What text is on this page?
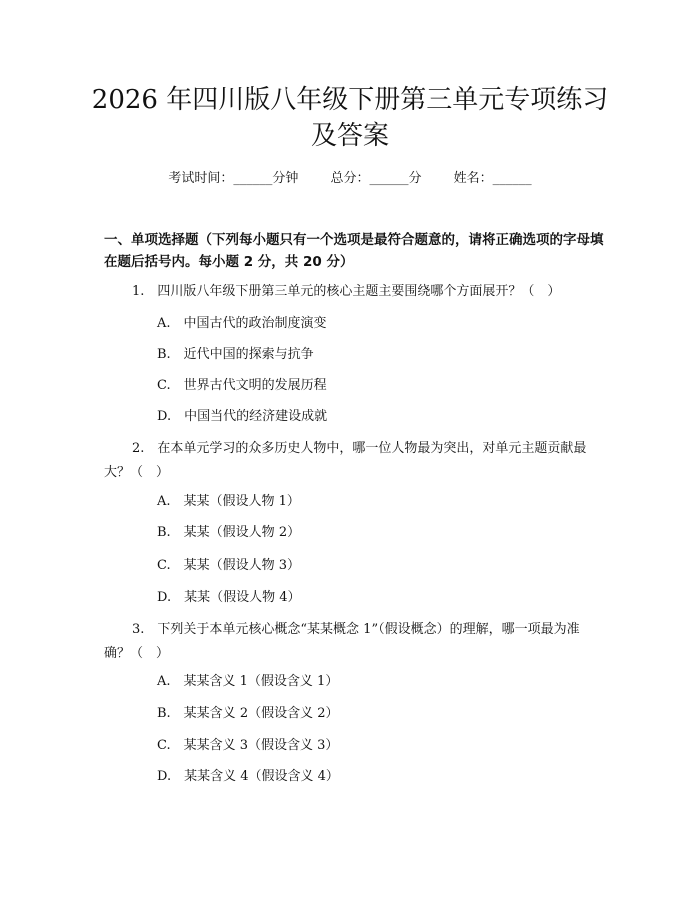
2026 年四川版八年级下册第三单元专项练习
及答案
考试时间：______分钟 总分：______分 姓名：______
一、单项选择题（下列每小题只有一个选项是最符合题意的，请将正确选项的字母填在题后括号内。每小题 2 分，共 20 分）
1.　四川版八年级下册第三单元的核心主题主要围绕哪个方面展开？（　）
A.　中国古代的政治制度演变
B.　近代中国的探索与抗争
C.　世界古代文明的发展历程
D.　中国当代的经济建设成就
2.　在本单元学习的众多历史人物中，哪一位人物最为突出，对单元主题贡献最大？（　）
A.　某某（假设人物 1）
B.　某某（假设人物 2）
C.　某某（假设人物 3）
D.　某某（假设人物 4）
3.　下列关于本单元核心概念“某某概念 1”（假设概念）的理解，哪一项最为准确？（　）
A.　某某含义 1（假设含义 1）
B.　某某含义 2（假设含义 2）
C.　某某含义 3（假设含义 3）
D.　某某含义 4（假设含义 4）
